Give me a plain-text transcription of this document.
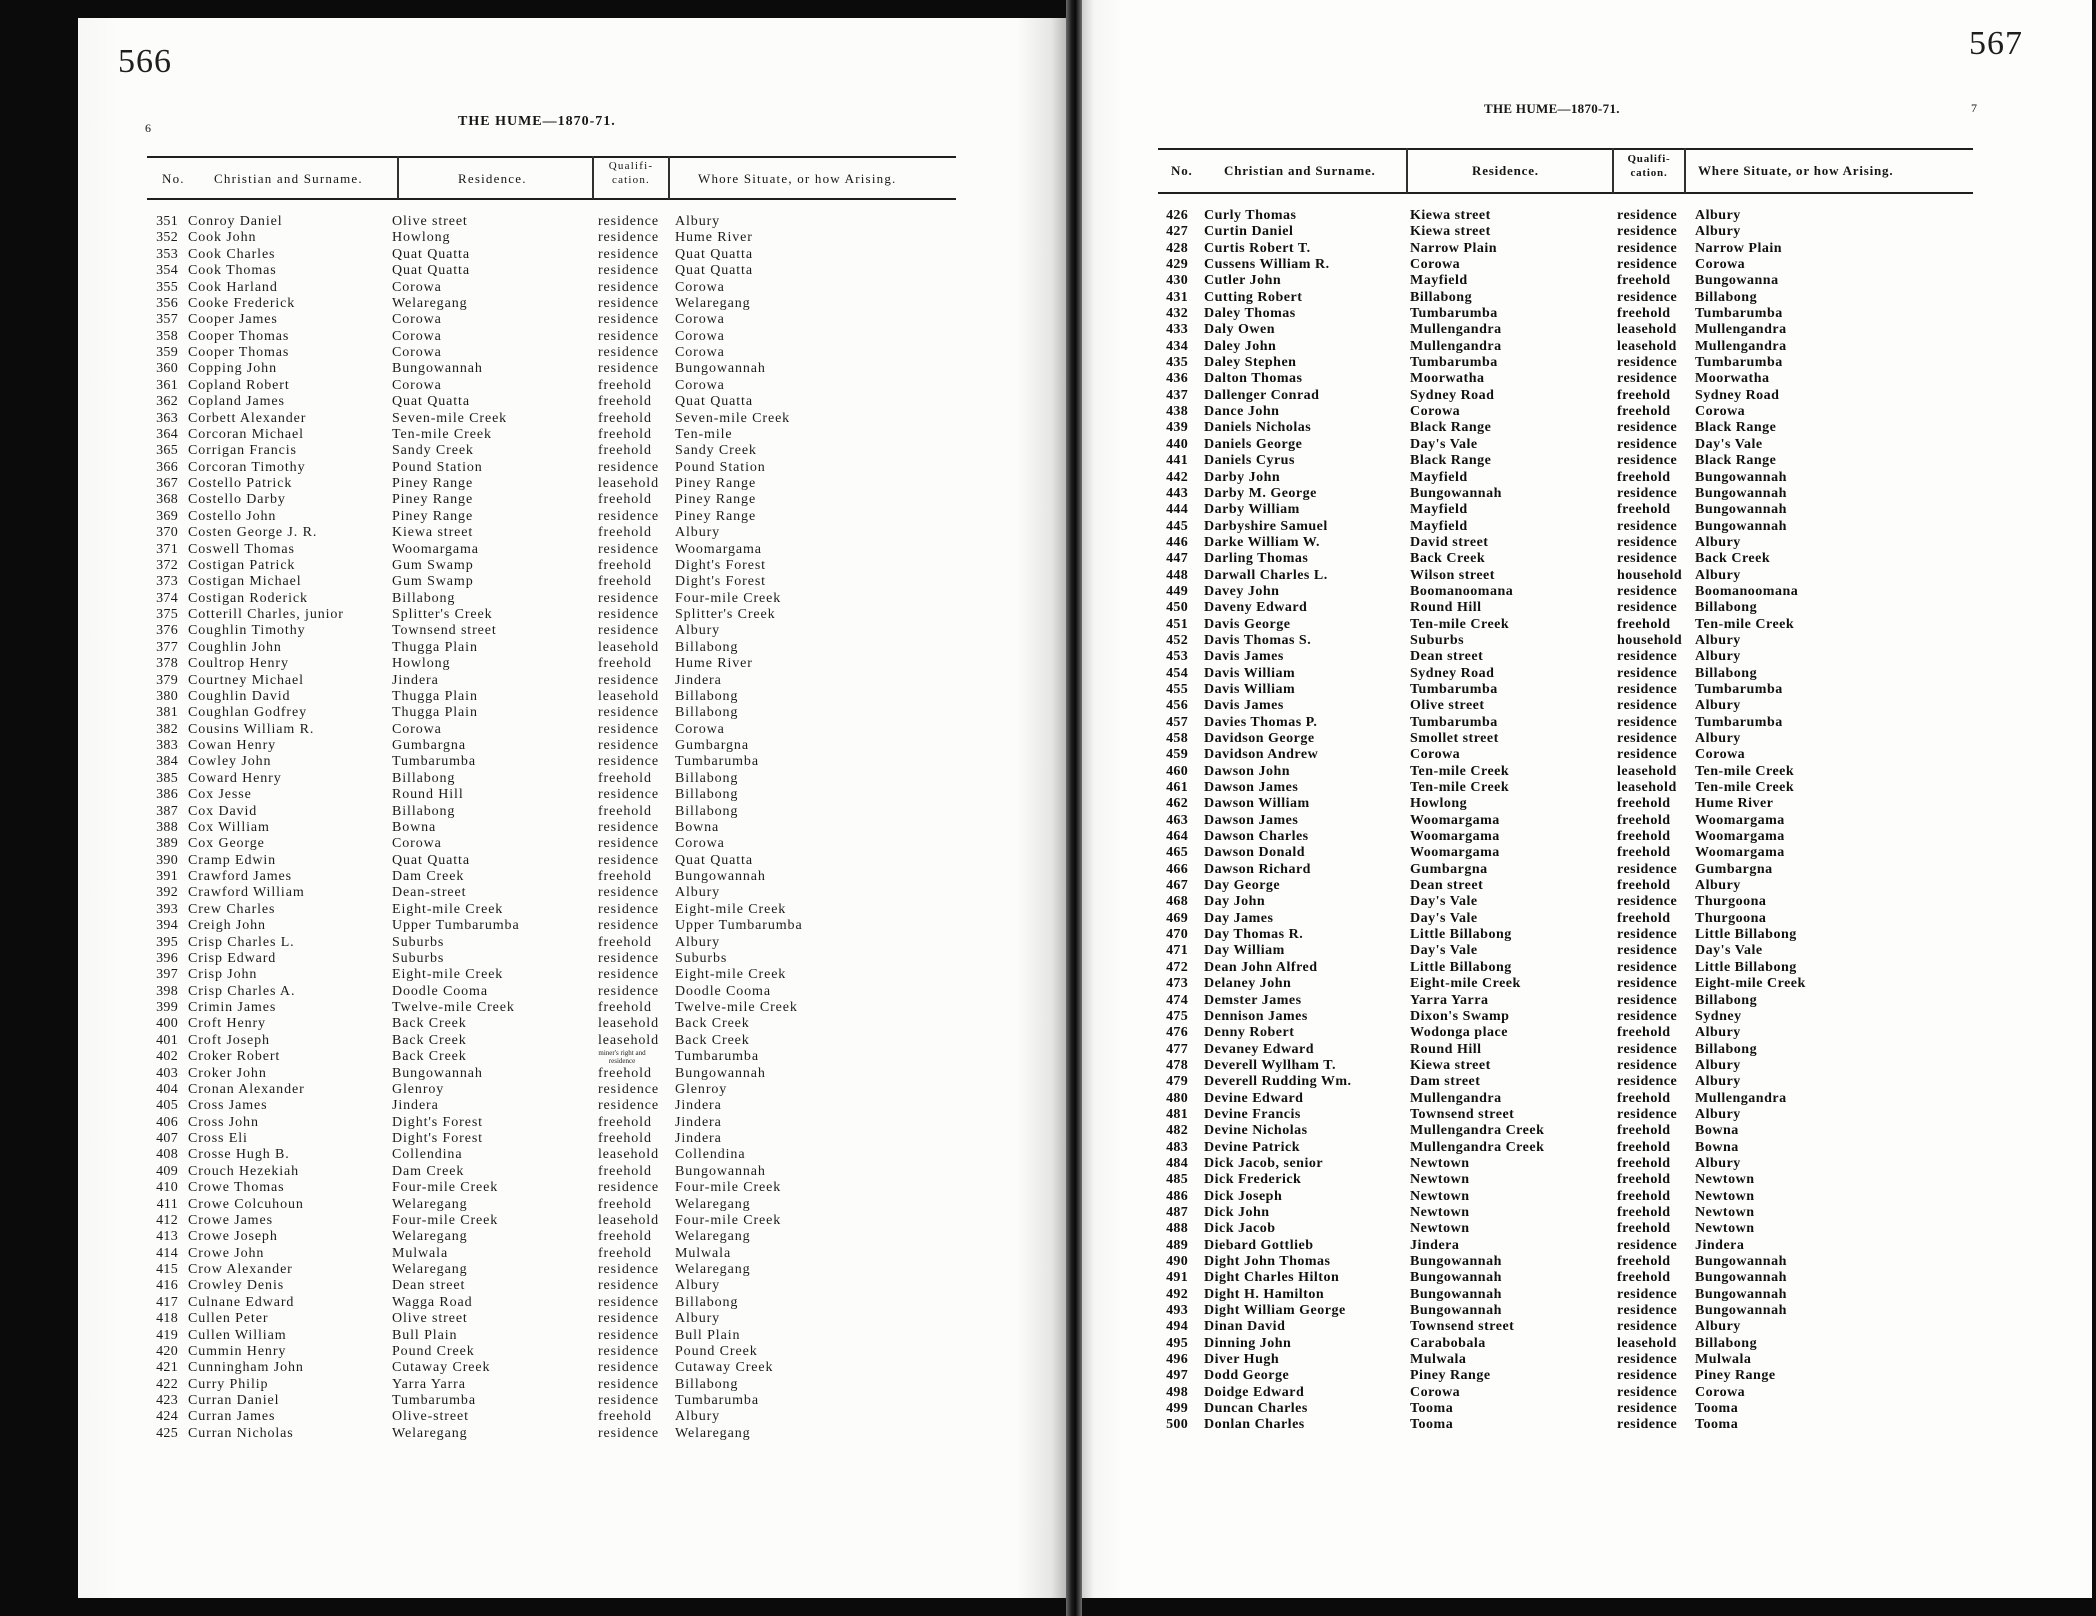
566
6	THE HUME—1870-71.
No. Christian and Surname.	Residence.
Qualifi-
cation.	Whore Situate, or how Arising.
351 Conroy Daniel	Olive street	residence Albury
352 Cook John	Howlong	residence Hume River
353 Cook Charles	Quat Quatta	residence Quat Quatta
354 Cook Thomas	Quat Quatta	residence Quat Quatta
355 Cook Harland	Corowa	residence Corowa
356 Cooke Frederick	Welaregang	residence Welaregang
357 Cooper James	Corowa	residence Corowa
358 Cooper Thomas	Corowa	residence Corowa
359 Cooper Thomas	Corowa	residence Corowa
360 Copping John	Bungowannah	residence Bungowannah
361 Copland Robert	Corowa	freehold Corowa
362 Copland James	Quat Quatta	freehold Quat Quatta
363 Corbett Alexander	Seven-mile Creek	freehold Seven-mile Creek
364 Corcoran Michael	Ten-mile Creek	freehold Ten-mile
365 Corrigan Francis	Sandy Creek	freehold Sandy Creek
366 Corcoran Timothy	Pound Station	residence Pound Station
367 Costello Patrick	Piney Range	leasehold Piney Range
368 Costello Darby	Piney Range	freehold Piney Range
369 Costello John	Piney Range	residence Piney Range
370 Costen George J. R.	Kiewa street	freehold Albury
371 Coswell Thomas	Woomargama	residence Woomargama
372 Costigan Patrick	Gum Swamp	freehold Dight's Forest
373 Costigan Michael	Gum Swamp	freehold Dight's Forest
374 Costigan Roderick	Billabong	residence Four-mile Creek
375 Cotterill Charles, junior	Splitter's Creek	residence Splitter's Creek
376 Coughlin Timothy	Townsend street	residence Albury
377 Coughlin John	Thugga Plain	leasehold Billabong
378 Coultrop Henry	Howlong	freehold Hume River
379 Courtney Michael	Jindera	residence Jindera
380 Coughlin David	Thugga Plain	leasehold Billabong
381 Coughlan Godfrey	Thugga Plain	residence Billabong
382 Cousins William R.	Corowa	residence Corowa
383 Cowan Henry	Gumbargna	residence Gumbargna
384 Cowley John	Tumbarumba	residence Tumbarumba
385 Coward Henry	Billabong	freehold Billabong
386 Cox Jesse	Round Hill	residence Billabong
387 Cox David	Billabong	freehold Billabong
388 Cox William	Bowna	residence Bowna
389 Cox George	Corowa	residence Corowa
390 Cramp Edwin	Quat Quatta	residence Quat Quatta
391 Crawford James	Dam Creek	freehold Bungowannah
392 Crawford William	Dean-street	residence Albury
393 Crew Charles	Eight-mile Creek	residence Eight-mile Creek
394 Creigh John	Upper Tumbarumba	residence Upper Tumbarumba
395 Crisp Charles L.	Suburbs	freehold Albury
396 Crisp Edward	Suburbs	residence Suburbs
397 Crisp John	Eight-mile Creek	residence Eight-mile Creek
398 Crisp Charles A.	Doodle Cooma	residence Doodle Cooma
399 Crimin James	Twelve-mile Creek	freehold Twelve-mile Creek
400 Croft Henry	Back Creek	leasehold Back Creek
401 Croft Joseph	Back Creek	leasehold Back Creek
402 Croker Robert	Back Creek	miner's right and residence	Tumbarumba
403 Croker John	Bungowannah	freehold Bungowannah
404 Cronan Alexander	Glenroy	residence Glenroy
405 Cross James	Jindera	residence Jindera
406 Cross John	Dight's Forest	freehold Jindera
407 Cross Eli	Dight's Forest	freehold Jindera
408 Crosse Hugh B.	Collendina	leasehold Collendina
409 Crouch Hezekiah	Dam Creek	freehold Bungowannah
410 Crowe Thomas	Four-mile Creek	residence Four-mile Creek
411 Crowe Colcuhoun	Welaregang	freehold Welaregang
412 Crowe James	Four-mile Creek	leasehold Four-mile Creek
413 Crowe Joseph	Welaregang	freehold Welaregang
414 Crowe John	Mulwala	freehold Mulwala
415 Crow Alexander	Welaregang	residence Welaregang
416 Crowley Denis	Dean street	residence Albury
417 Culnane Edward	Wagga Road	residence Billabong
418 Cullen Peter	Olive street	residence Albury
419 Cullen William	Bull Plain	residence Bull Plain
420 Cummin Henry	Pound Creek	residence Pound Creek
421 Cunningham John	Cutaway Creek	residence Cutaway Creek
422 Curry Philip	Yarra Yarra	residence Billabong
423 Curran Daniel	Tumbarumba	residence Tumbarumba
424 Curran James	Olive-street	freehold Albury
425 Curran Nicholas	Welaregang	residence Welaregang
567
7
THE HUME—1870-71.
No. Christian and Surname.	Residence.
Qualifi-
cation.	Where Situate, or how Arising.
426 Curly Thomas	Kiewa street	residence Albury
427 Curtin Daniel	Kiewa street	residence Albury
428 Curtis Robert T.	Narrow Plain	residence Narrow Plain
429 Cussens William R.	Corowa	residence Corowa
430 Cutler John	Mayfield	freehold Bungowanna
431 Cutting Robert	Billabong	residence Billabong
432 Daley Thomas	Tumbarumba	freehold Tumbarumba
433 Daly Owen	Mullengandra	leasehold Mullengandra
434 Daley John	Mullengandra	leasehold Mullengandra
435 Daley Stephen	Tumbarumba	residence Tumbarumba
436 Dalton Thomas	Moorwatha	residence Moorwatha
437 Dallenger Conrad	Sydney Road	freehold Sydney Road
438 Dance John	Corowa	freehold Corowa
439 Daniels Nicholas	Black Range	residence Black Range
440 Daniels George	Day's Vale	residence Day's Vale
441 Daniels Cyrus	Black Range	residence Black Range
442 Darby John	Mayfield	freehold Bungowannah
443 Darby M. George	Bungowannah	residence Bungowannah
444 Darby William	Mayfield	freehold Bungowannah
445 Darbyshire Samuel	Mayfield	residence Bungowannah
446 Darke William W.	David street	residence Albury
447 Darling Thomas	Back Creek	residence Back Creek
448 Darwall Charles L.	Wilson street	household Albury
449 Davey John	Boomanoomana	residence Boomanoomana
450 Daveny Edward	Round Hill	residence Billabong
451 Davis George	Ten-mile Creek	freehold Ten-mile Creek
452 Davis Thomas S.	Suburbs	household Albury
453 Davis James	Dean street	residence Albury
454 Davis William	Sydney Road	residence Billabong
455 Davis William	Tumbarumba	residence Tumbarumba
456 Davis James	Olive street	residence Albury
457 Davies Thomas P.	Tumbarumba	residence Tumbarumba
458 Davidson George	Smollet street	residence Albury
459 Davidson Andrew	Corowa	residence Corowa
460 Dawson John	Ten-mile Creek	leasehold Ten-mile Creek
461 Dawson James	Ten-mile Creek	leasehold Ten-mile Creek
462 Dawson William	Howlong	freehold Hume River
463 Dawson James	Woomargama	freehold Woomargama
464 Dawson Charles	Woomargama	freehold Woomargama
465 Dawson Donald	Woomargama	freehold Woomargama
466 Dawson Richard	Gumbargna	residence Gumbargna
467 Day George	Dean street	freehold Albury
468 Day John	Day's Vale	residence Thurgoona
469 Day James	Day's Vale	freehold Thurgoona
470 Day Thomas R.	Little Billabong	residence Little Billabong
471 Day William	Day's Vale	residence Day's Vale
472 Dean John Alfred	Little Billabong	residence Little Billabong
473 Delaney John	Eight-mile Creek	residence Eight-mile Creek
474 Demster James	Yarra Yarra	residence Billabong
475 Dennison James	Dixon's Swamp	residence Sydney
476 Denny Robert	Wodonga place	freehold Albury
477 Devaney Edward	Round Hill	residence Billabong
478 Deverell Wyllham T.	Kiewa street	residence Albury
479 Deverell Rudding Wm.	Dam street	residence Albury
480 Devine Edward	Mullengandra	freehold Mullengandra
481 Devine Francis	Townsend street	residence Albury
482 Devine Nicholas	Mullengandra Creek	freehold Bowna
483 Devine Patrick	Mullengandra Creek	freehold Bowna
484 Dick Jacob, senior	Newtown	freehold Albury
485 Dick Frederick	Newtown	freehold Newtown
486 Dick Joseph	Newtown	freehold Newtown
487 Dick John	Newtown	freehold Newtown
488 Dick Jacob	Newtown	freehold Newtown
489 Diebard Gottlieb	Jindera	residence Jindera
490 Dight John Thomas	Bungowannah	freehold Bungowannah
491 Dight Charles Hilton	Bungowannah	freehold Bungowannah
492 Dight H. Hamilton	Bungowannah	residence Bungowannah
493 Dight William George	Bungowannah	residence Bungowannah
494 Dinan David	Townsend street	residence Albury
495 Dinning John	Carabobala	leasehold Billabong
496 Diver Hugh	Mulwala	residence Mulwala
497 Dodd George	Piney Range	residence Piney Range
498 Doidge Edward	Corowa	residence Corowa
499 Duncan Charles	Tooma	residence Tooma
500 Donlan Charles	Tooma	residence Tooma
